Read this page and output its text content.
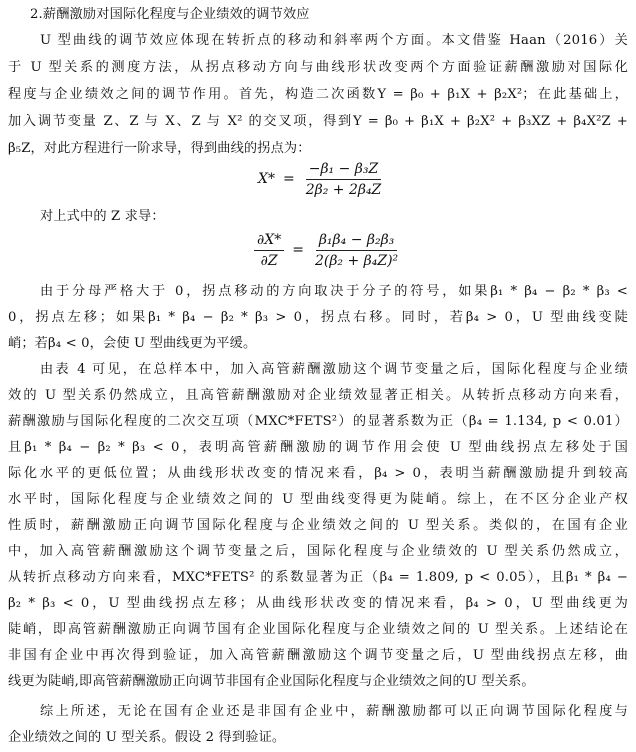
2.薪酬激励对国际化程度与企业绩效的调节效应
U 型曲线的调节效应体现在转折点的移动和斜率两个方面。本文借鉴 Haan（2016）关
于 U 型关系的测度方法，从拐点移动方向与曲线形状改变两个方面验证薪酬激励对国际化
程度与企业绩效之间的调节作用。首先，构造二次函数Y = β₀ + β₁X + β₂X²；在此基础上，
加入调节变量 Z、Z 与 X、Z 与 X² 的交叉项，得到Y = β₀ + β₁X + β₂X² + β₃XZ + β₄X²Z +
β₅Z，对此方程进行一阶求导，得到曲线的拐点为：
$X* = \frac{\text{−β₁ − β₃Z}}{\text{2β₂ + 2β₄Z}}$
对上式中的 Z 求导：
$\frac{\partial X*}{\partial Z} = \frac{\text{β₁β₄ − β₂β₃}}{\text{2(β₂ + β₄Z)²}}$
由于分母严格大于 0，拐点移动的方向取决于分子的符号，如果β₁ * β₄ − β₂ * β₃ <
0，拐点左移；如果β₁ * β₄ − β₂ * β₃ > 0，拐点右移。同时，若β₄ > 0，U 型曲线变陡
峭；若β₄ < 0，会使 U 型曲线更为平缓。
由表 4 可见，在总样本中，加入高管薪酬激励这个调节变量之后，国际化程度与企业绩
效的 U 型关系仍然成立，且高管薪酬激励对企业绩效显著正相关。从转折点移动方向来看，
薪酬激励与国际化程度的二次交互项（MXC*FETS²）的显著系数为正（β₄ = 1.134, p < 0.01）
且β₁ * β₄ − β₂ * β₃ < 0，表明高管薪酬激励的调节作用会使 U 型曲线拐点左移处于国
际化水平的更低位置；从曲线形状改变的情况来看，β₄ > 0，表明当薪酬激励提升到较高
水平时，国际化程度与企业绩效之间的 U 型曲线变得更为陡峭。综上，在不区分企业产权
性质时，薪酬激励正向调节国际化程度与企业绩效之间的 U 型关系。类似的，在国有企业
中，加入高管薪酬激励这个调节变量之后，国际化程度与企业绩效的 U 型关系仍然成立，
从转折点移动方向来看，MXC*FETS² 的系数显著为正（β₄ = 1.809, p < 0.05），且β₁ * β₄ −
β₂ * β₃ < 0，U 型曲线拐点左移；从曲线形状改变的情况来看，β₄ > 0，U 型曲线更为
陡峭，即高管薪酬激励正向调节国有企业国际化程度与企业绩效之间的 U 型关系。上述结论在
非国有企业中再次得到验证，加入高管薪酬激励这个调节变量之后，U 型曲线拐点左移，曲
线更为陡峭,即高管薪酬激励正向调节非国有企业国际化程度与企业绩效之间的U 型关系。
综上所述，无论在国有企业还是非国有企业中，薪酬激励都可以正向调节国际化程度与
企业绩效之间的 U 型关系。假设 2 得到验证。
